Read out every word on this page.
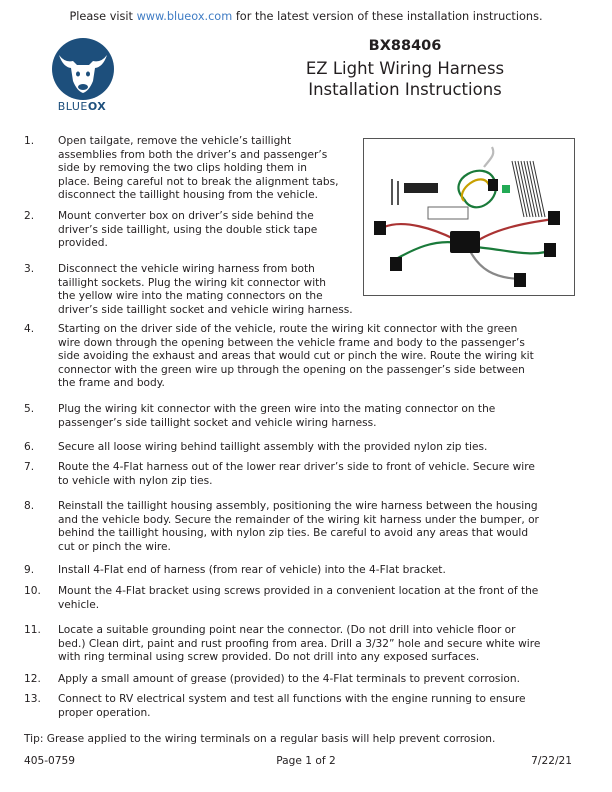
Please visit www.blueox.com for the latest version of these installation instructions.
BLUEOX
BX88406
EZ Light Wiring Harness
Installation Instructions
1.	Open tailgate, remove the vehicle’s taillight
assemblies from both the driver’s and passenger’s
side by removing the two clips holding them in
place. Being careful not to break the alignment tabs,
disconnect the taillight housing from the vehicle.
2.	Mount converter box on driver’s side behind the
driver’s side taillight, using the double stick tape
provided.
3.	Disconnect the vehicle wiring harness from both
taillight sockets. Plug the wiring kit connector with
the yellow wire into the mating connectors on the
driver’s side taillight socket and vehicle wiring harness.
4.	Starting on the driver side of the vehicle, route the wiring kit connector with the green
wire down through the opening between the vehicle frame and body to the passenger’s
side avoiding the exhaust and areas that would cut or pinch the wire. Route the wiring kit
connector with the green wire up through the opening on the passenger’s side between
the frame and body.
5.	Plug the wiring kit connector with the green wire into the mating connector on the
passenger’s side taillight socket and vehicle wiring harness.
6.	Secure all loose wiring behind taillight assembly with the provided nylon zip ties.
7.	Route the 4-Flat harness out of the lower rear driver’s side to front of vehicle. Secure wire
to vehicle with nylon zip ties.
8.	Reinstall the taillight housing assembly, positioning the wire harness between the housing
and the vehicle body. Secure the remainder of the wiring kit harness under the bumper, or
behind the taillight housing, with nylon zip ties. Be careful to avoid any areas that would
cut or pinch the wire.
9.	Install 4-Flat end of harness (from rear of vehicle) into the 4-Flat bracket.
10.	Mount the 4-Flat bracket using screws provided in a convenient location at the front of the
vehicle.
11.	Locate a suitable grounding point near the connector. (Do not drill into vehicle floor or
bed.) Clean dirt, paint and rust proofing from area. Drill a 3/32” hole and secure white wire
with ring terminal using screw provided. Do not drill into any exposed surfaces.
12.	Apply a small amount of grease (provided) to the 4-Flat terminals to prevent corrosion.
13.	Connect to RV electrical system and test all functions with the engine running to ensure
proper operation.
Tip: Grease applied to the wiring terminals on a regular basis will help prevent corrosion.
405-0759	Page 1 of 2	7/22/21
